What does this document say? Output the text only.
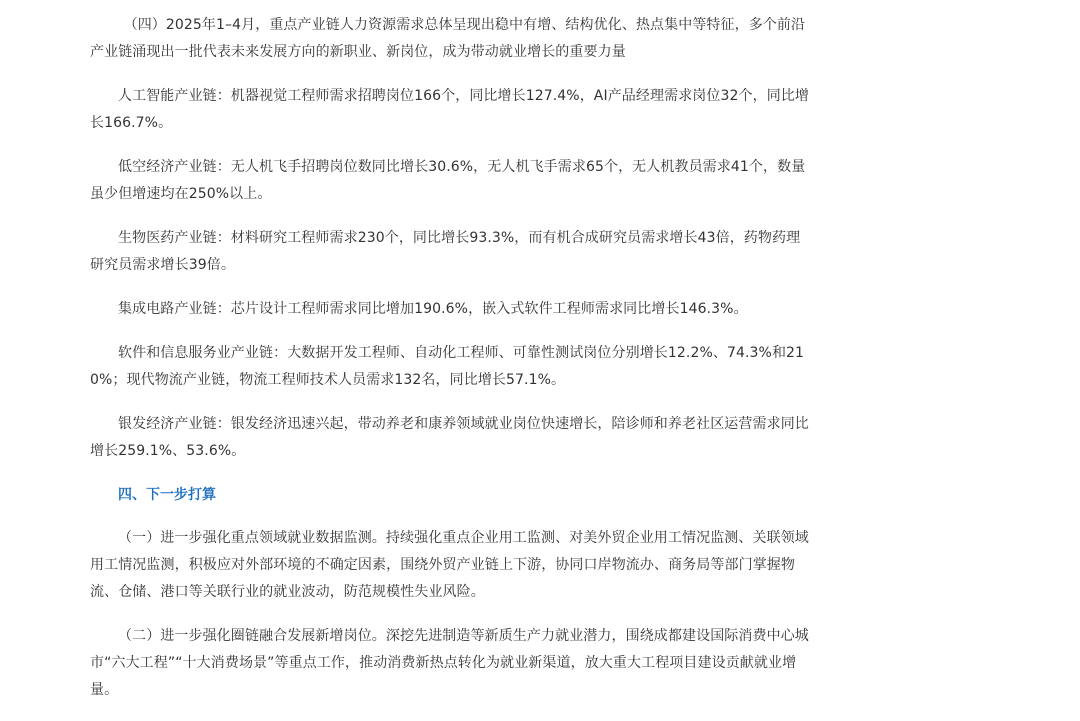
（四）2025年1–4月，重点产业链人力资源需求总体呈现出稳中有增、结构优化、热点集中等特征，多个前沿产业链涌现出一批代表未来发展方向的新职业、新岗位，成为带动就业增长的重要力量

人工智能产业链：机器视觉工程师需求招聘岗位166个，同比增长127.4%，AI产品经理需求岗位32个，同比增长166.7%。

低空经济产业链：无人机飞手招聘岗位数同比增长30.6%，无人机飞手需求65个，无人机教员需求41个，数量虽少但增速均在250%以上。

生物医药产业链：材料研究工程师需求230个，同比增长93.3%，而有机合成研究员需求增长43倍，药物药理研究员需求增长39倍。

集成电路产业链：芯片设计工程师需求同比增加190.6%，嵌入式软件工程师需求同比增长146.3%。

软件和信息服务业产业链：大数据开发工程师、自动化工程师、可靠性测试岗位分别增长12.2%、74.3%和210%；现代物流产业链，物流工程师技术人员需求132名，同比增长57.1%。

银发经济产业链：银发经济迅速兴起，带动养老和康养领域就业岗位快速增长，陪诊师和养老社区运营需求同比增长259.1%、53.6%。

四、下一步打算

（一）进一步强化重点领域就业数据监测。持续强化重点企业用工监测、对美外贸企业用工情况监测、关联领域用工情况监测，积极应对外部环境的不确定因素，围绕外贸产业链上下游，协同口岸物流办、商务局等部门掌握物流、仓储、港口等关联行业的就业波动，防范规模性失业风险。

（二）进一步强化圈链融合发展新增岗位。深挖先进制造等新质生产力就业潜力，围绕成都建设国际消费中心城市“六大工程”“十大消费场景”等重点工作，推动消费新热点转化为就业新渠道，放大重大工程项目建设贡献就业增量。
